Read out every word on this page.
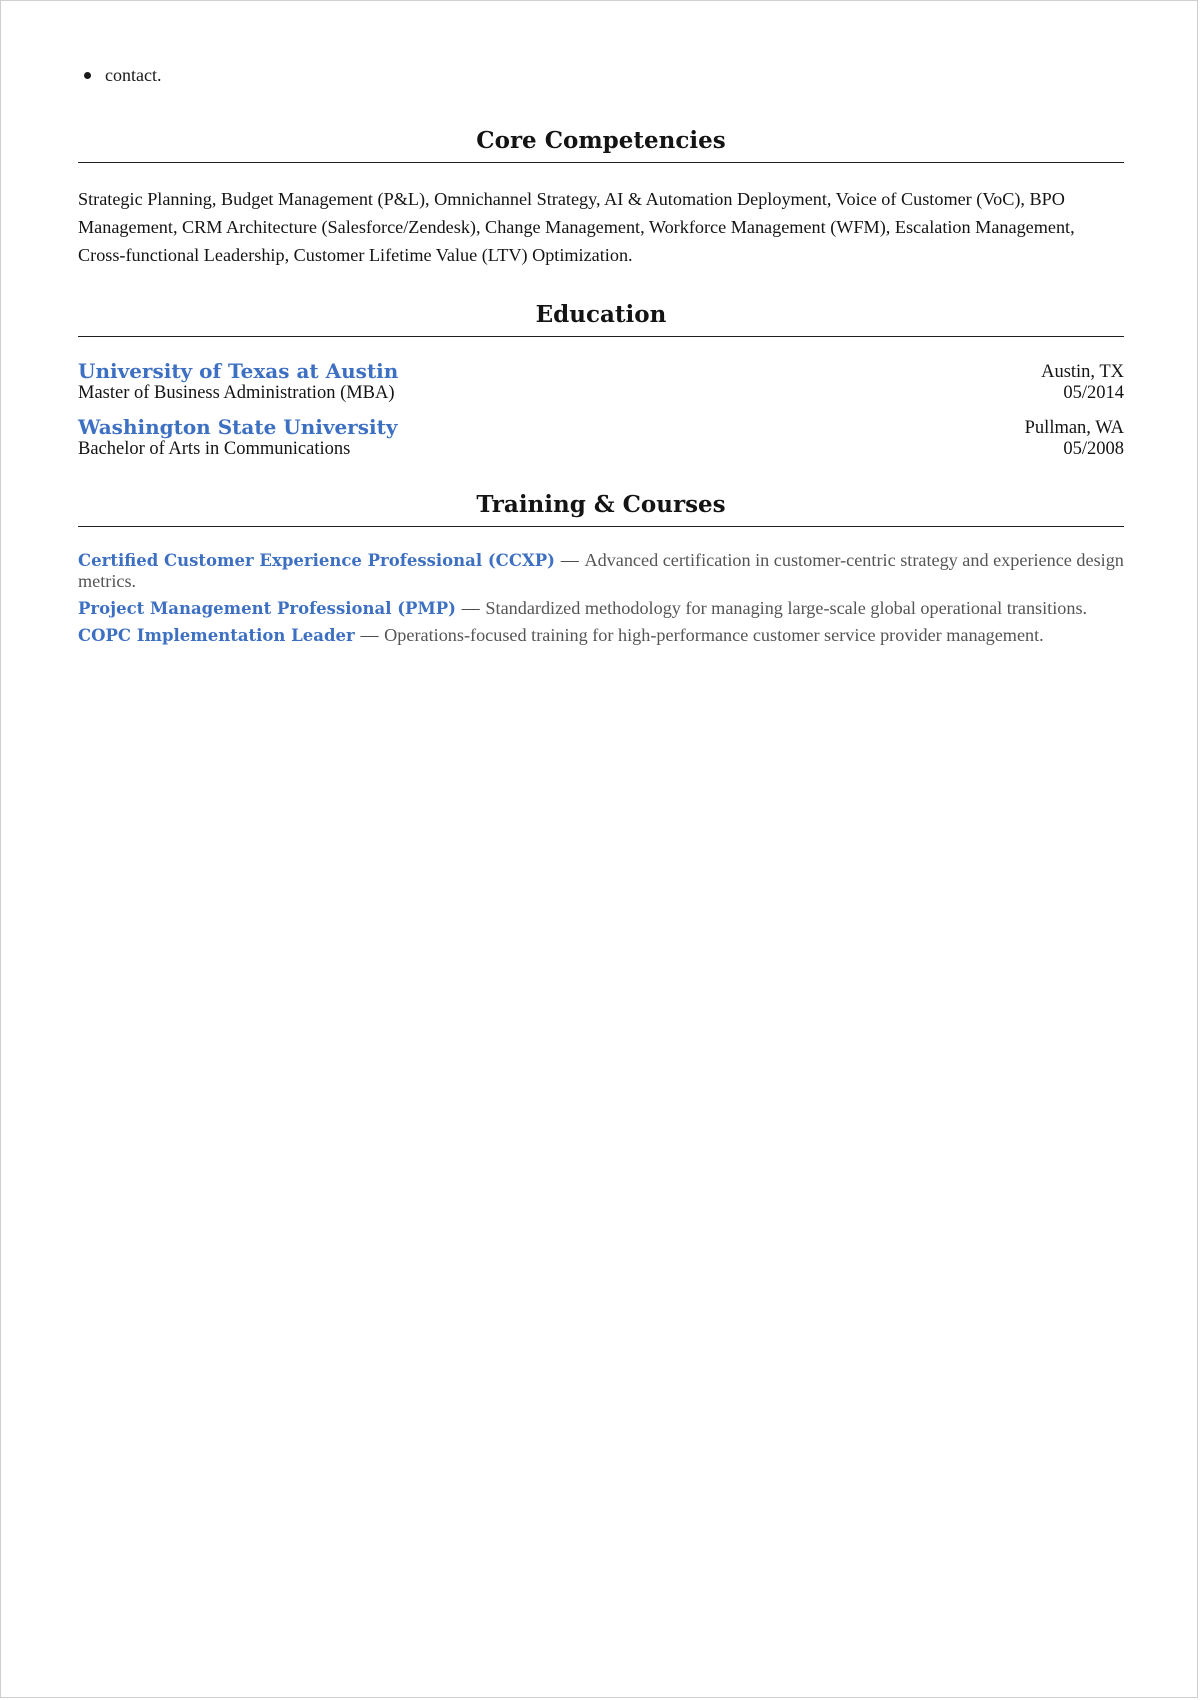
contact.
Core Competencies

Strategic Planning, Budget Management (P&L), Omnichannel Strategy, AI & Automation Deployment, Voice of Customer (VoC), BPO Management, CRM Architecture (Salesforce/Zendesk), Change Management, Workforce Management (WFM), Escalation Management, Cross-functional Leadership, Customer Lifetime Value (LTV) Optimization.

Education
University of Texas at Austin	Austin, TX
Master of Business Administration (MBA)	05/2014
Washington State University	Pullman, WA
Bachelor of Arts in Communications	05/2008
Training & Courses

Certified Customer Experience Professional (CCXP) — Advanced certification in customer-centric strategy and experience design metrics.

Project Management Professional (PMP) — Standardized methodology for managing large-scale global operational transitions.

COPC Implementation Leader — Operations-focused training for high-performance customer service provider management.
